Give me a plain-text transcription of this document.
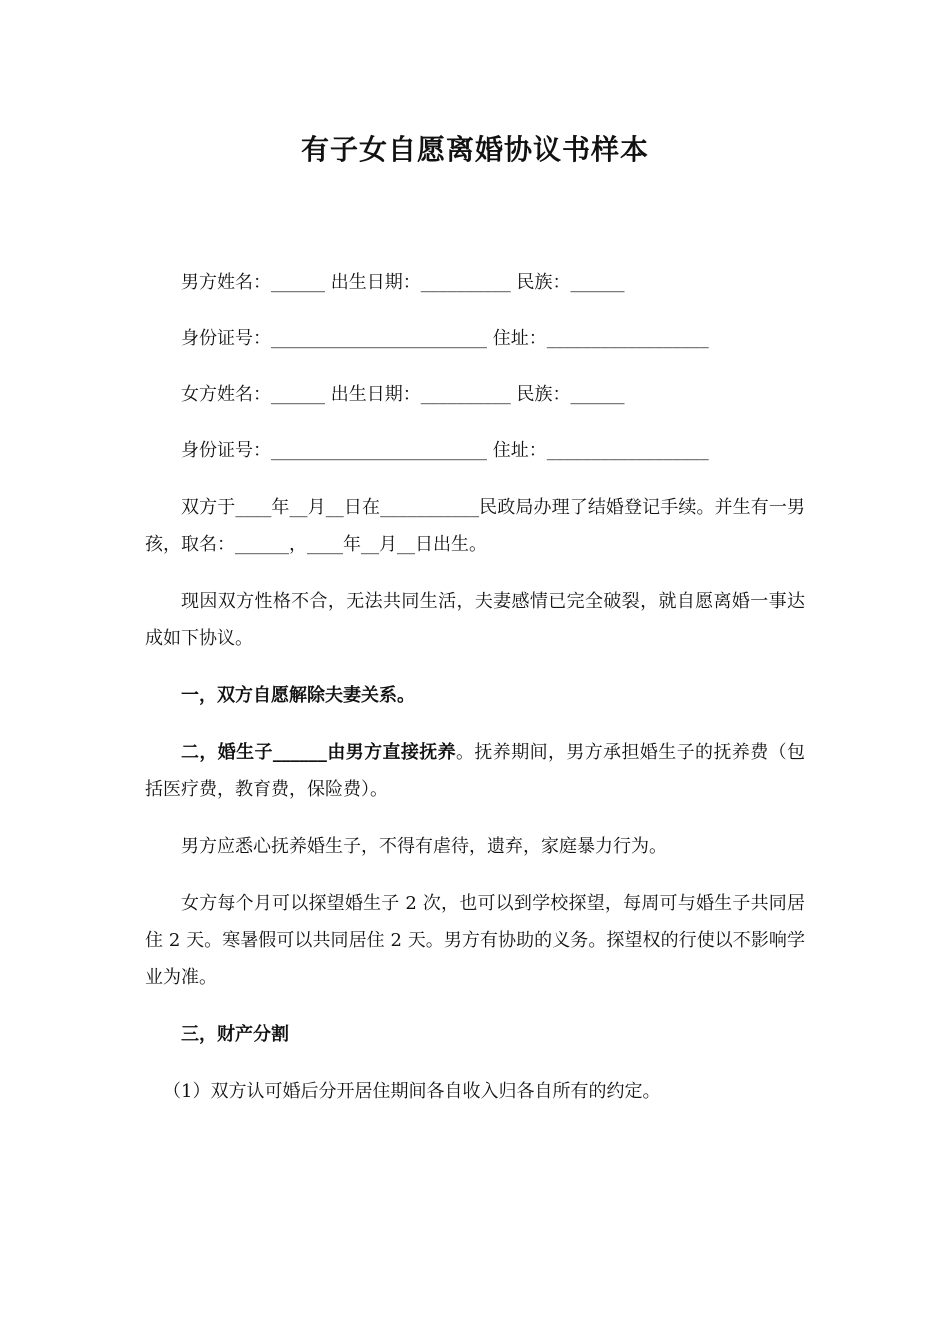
有子女自愿离婚协议书样本

男方姓名：______ 出生日期：__________ 民族：______

身份证号：________________________ 住址：__________________

女方姓名：______ 出生日期：__________ 民族：______

身份证号：________________________ 住址：__________________

双方于____年__月__日在___________民政局办理了结婚登记手续。并生有一男孩，取名：______，____年__月__日出生。

现因双方性格不合，无法共同生活，夫妻感情已完全破裂，就自愿离婚一事达成如下协议。

一，双方自愿解除夫妻关系。

二，婚生子______由男方直接抚养。抚养期间，男方承担婚生子的抚养费（包括医疗费，教育费，保险费）。

男方应悉心抚养婚生子，不得有虐待，遗弃，家庭暴力行为。

女方每个月可以探望婚生子 2 次，也可以到学校探望，每周可与婚生子共同居住 2 天。寒暑假可以共同居住 2 天。男方有协助的义务。探望权的行使以不影响学业为准。

三，财产分割

（1）双方认可婚后分开居住期间各自收入归各自所有的约定。
